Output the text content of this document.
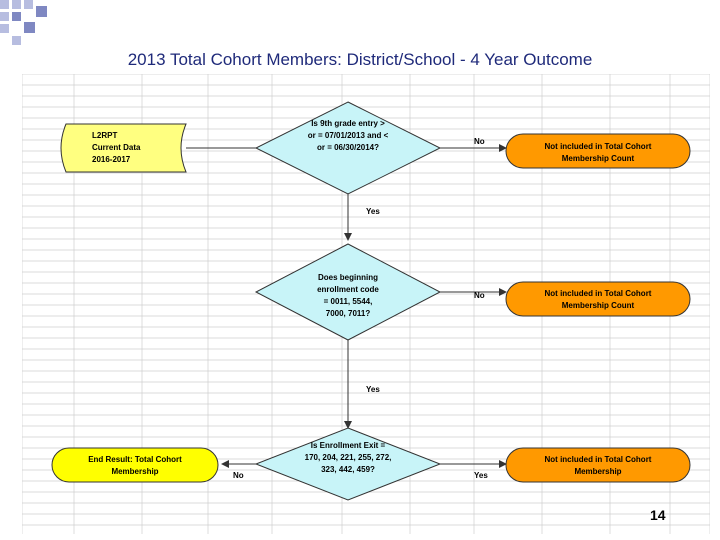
2013 Total Cohort Members: District/School - 4 Year Outcome
L2RPT
Current Data
2016-2017
Is 9th grade entry >
or = 07/01/2013 and <
or = 06/30/2014?	Not included in Total Cohort
Membership Count
Does beginning
enrollment code
= 0011, 5544,
7000, 7011?
Not included in Total Cohort
Membership Count
Is Enrollment Exit =
170, 204, 221, 255, 272,
323, 442, 459?
Not included in Total Cohort
Membership
End Result: Total Cohort
Membership
No
Yes
No
Yes
No	Yes
14
